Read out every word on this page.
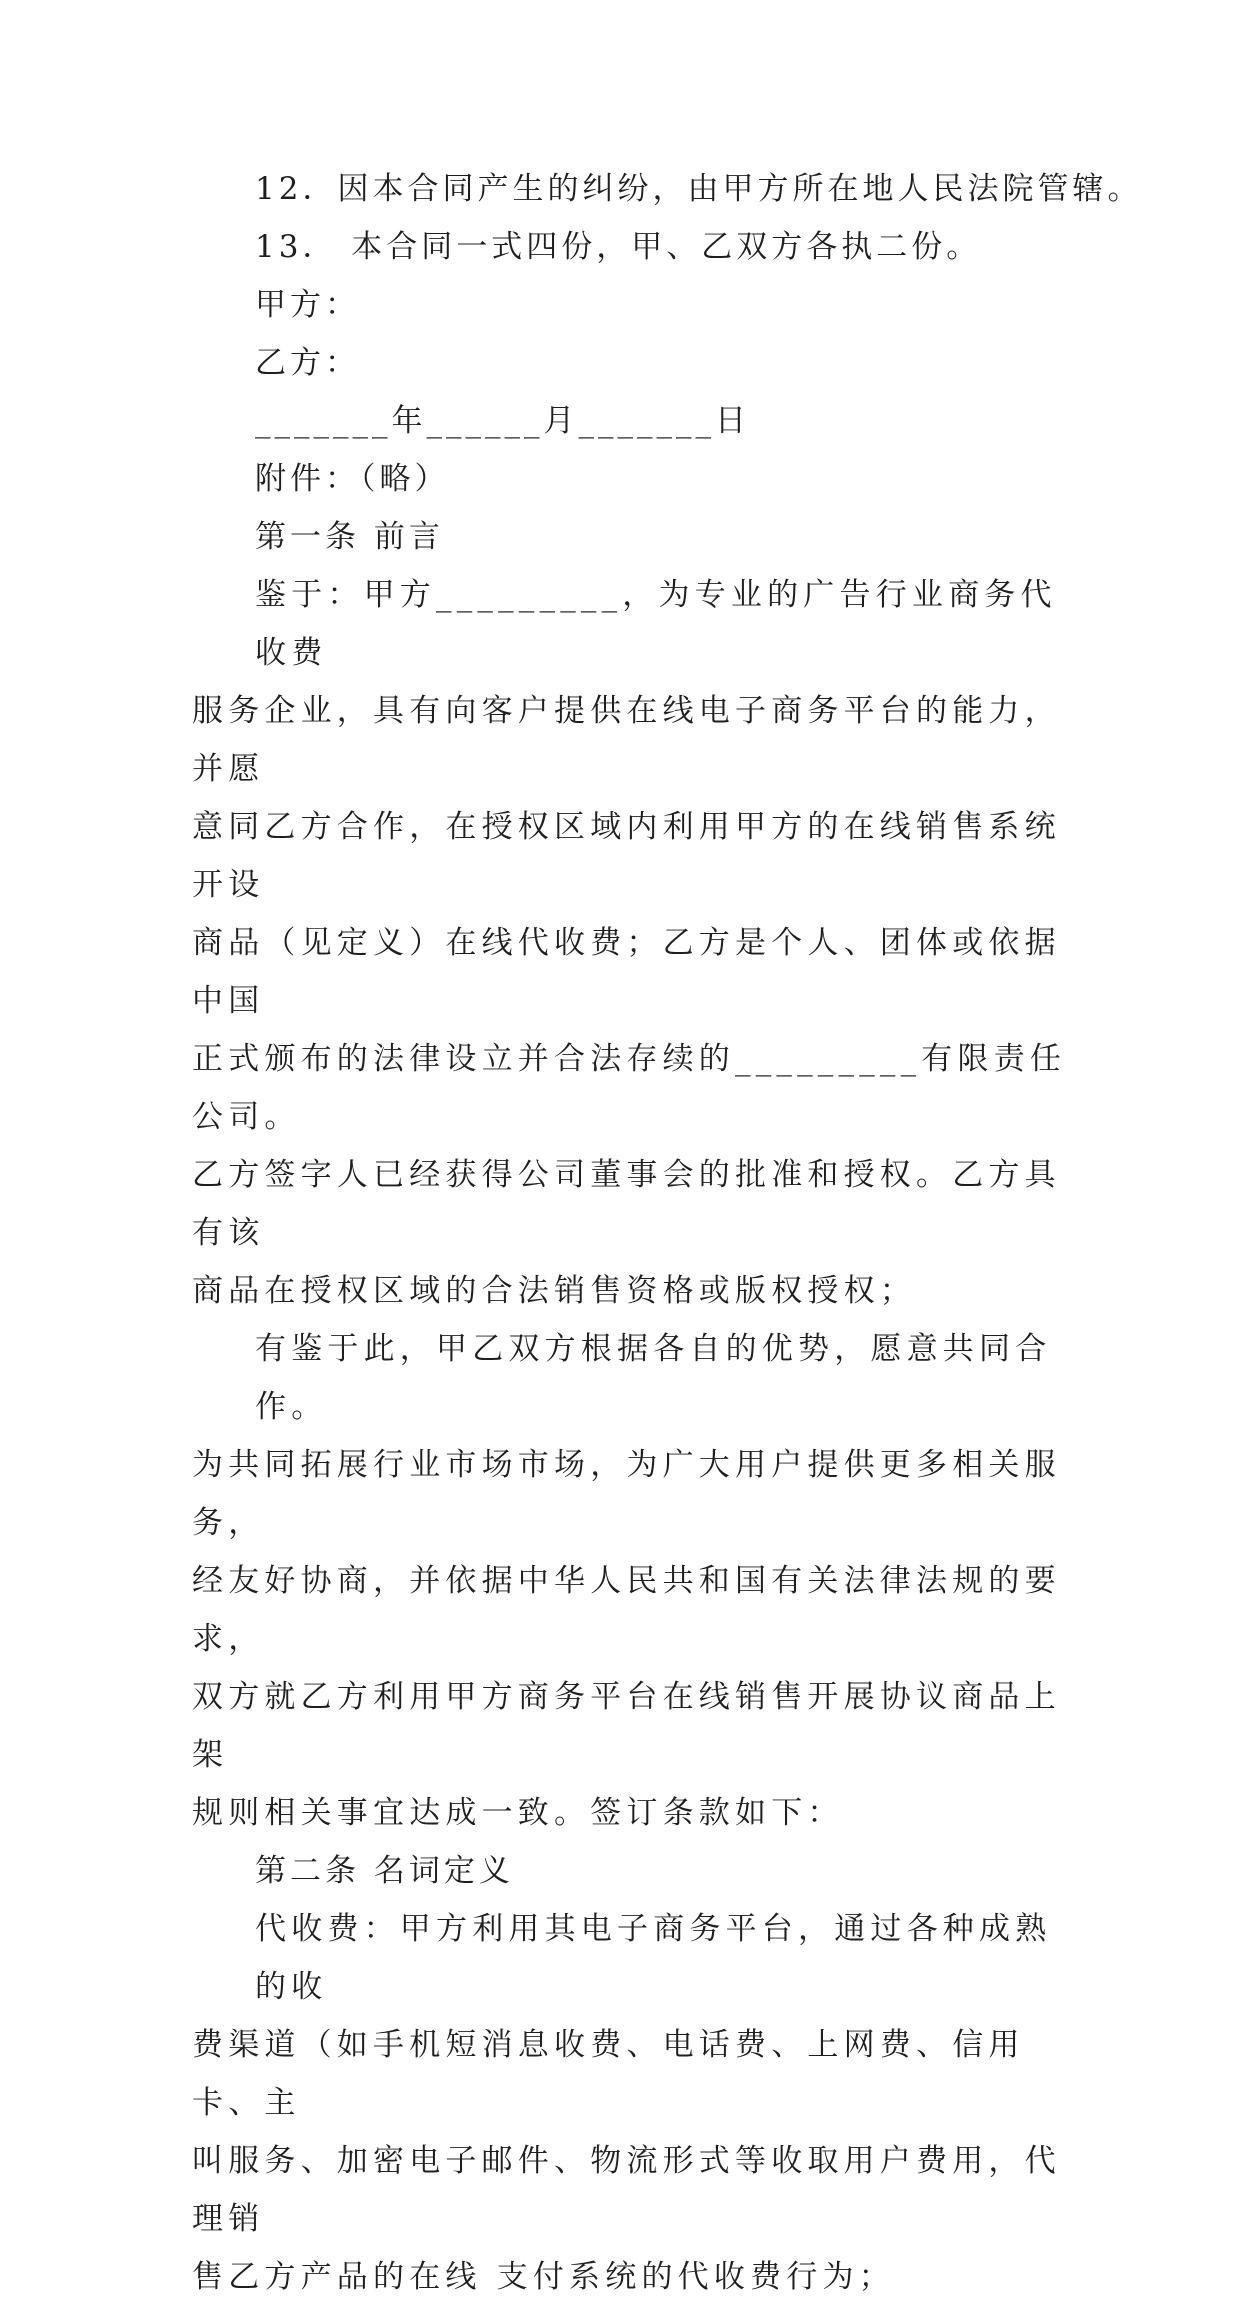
12．因本合同产生的纠纷，由甲方所在地人民法院管辖。
13． 本合同一式四份，甲、乙双方各执二份。
甲方：
乙方：
_______年______月_______日
附件：（略）
第一条 前言
鉴于：甲方_________，为专业的广告行业商务代收费
服务企业，具有向客户提供在线电子商务平台的能力，并愿
意同乙方合作，在授权区域内利用甲方的在线销售系统开设
商品（见定义）在线代收费；乙方是个人、团体或依据中国
正式颁布的法律设立并合法存续的_________有限责任公司。
乙方签字人已经获得公司董事会的批准和授权。乙方具有该
商品在授权区域的合法销售资格或版权授权；
有鉴于此，甲乙双方根据各自的优势，愿意共同合作。
为共同拓展行业市场市场，为广大用户提供更多相关服务，
经友好协商，并依据中华人民共和国有关法律法规的要求，
双方就乙方利用甲方商务平台在线销售开展协议商品上架
规则相关事宜达成一致。签订条款如下：
第二条 名词定义
代收费：甲方利用其电子商务平台，通过各种成熟的收
费渠道（如手机短消息收费、电话费、上网费、信用卡、主
叫服务、加密电子邮件、物流形式等收取用户费用，代理销
售乙方产品的在线 支付系统的代收费行为；
